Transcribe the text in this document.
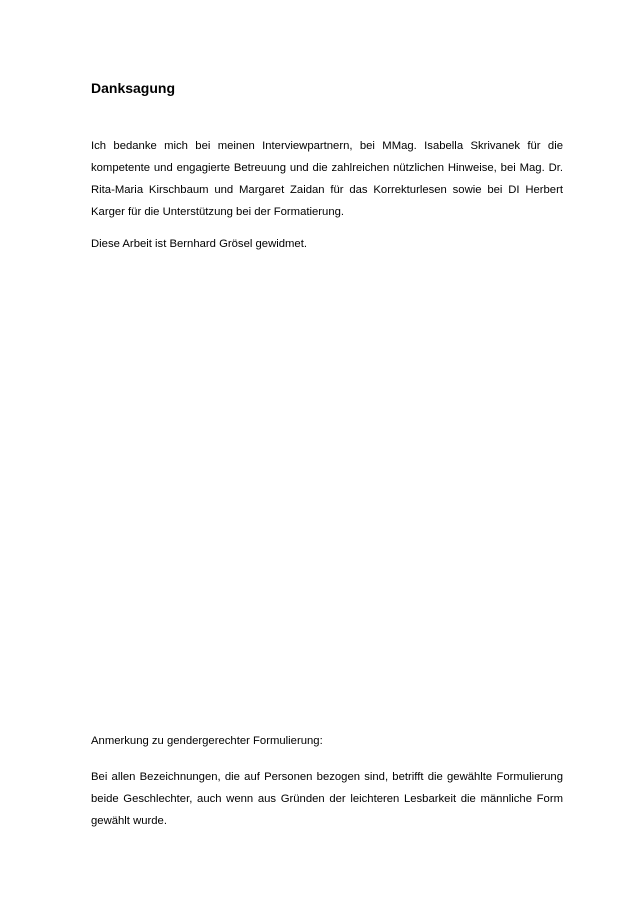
Danksagung

Ich bedanke mich bei meinen Interviewpartnern, bei MMag. Isabella Skrivanek für die kompetente und engagierte Betreuung und die zahlreichen nützlichen Hinweise, bei Mag. Dr. Rita-Maria Kirschbaum und Margaret Zaidan für das Korrekturlesen sowie bei DI Herbert Karger für die Unterstützung bei der Formatierung.

Diese Arbeit ist Bernhard Grösel gewidmet.

Anmerkung zu gendergerechter Formulierung:

Bei allen Bezeichnungen, die auf Personen bezogen sind, betrifft die gewählte Formulierung beide Geschlechter, auch wenn aus Gründen der leichteren Lesbarkeit die männliche Form gewählt wurde.
